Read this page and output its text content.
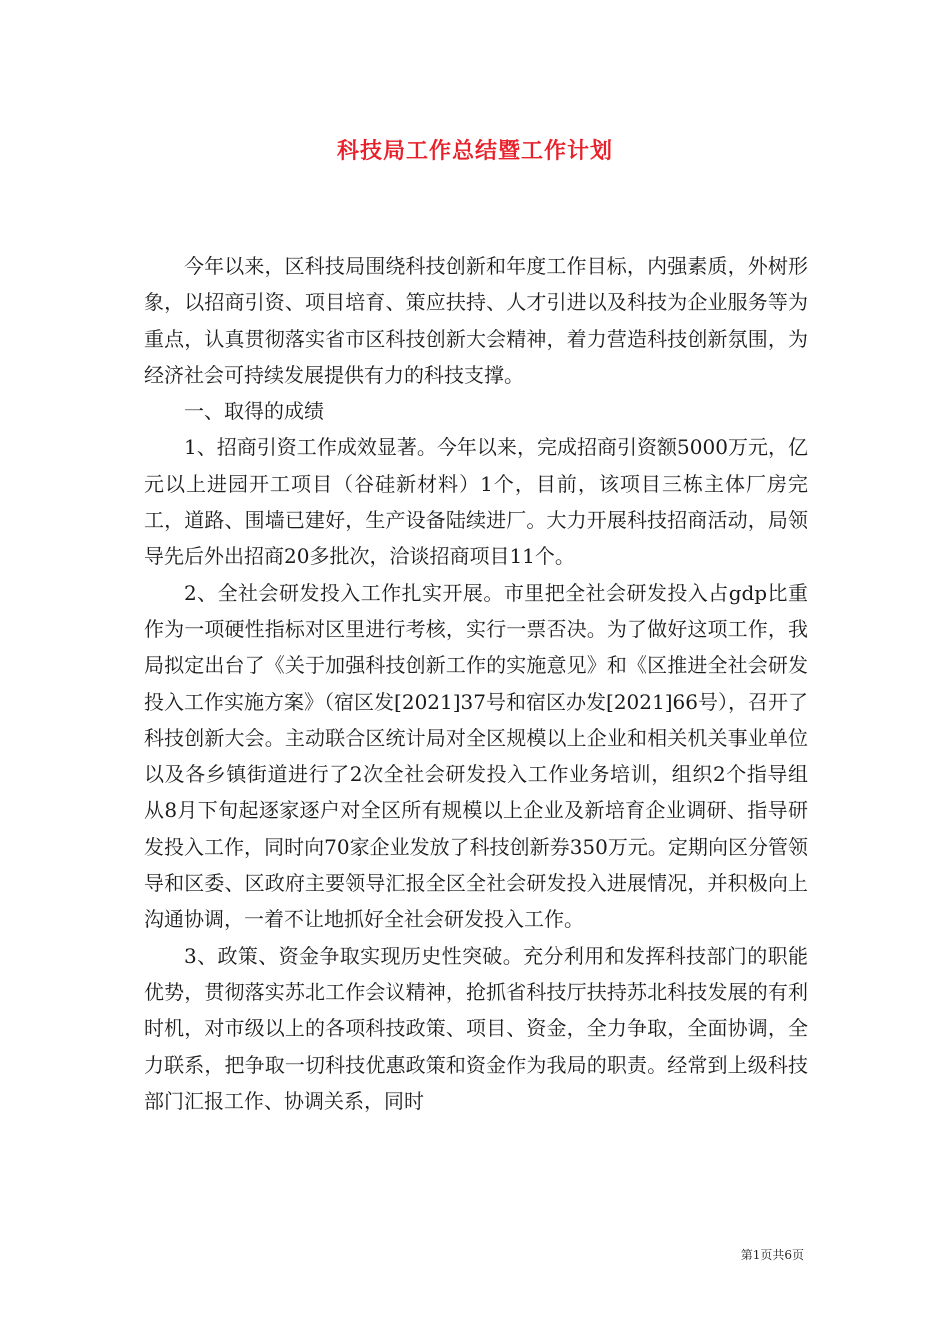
科技局工作总结暨工作计划

今年以来，区科技局围绕科技创新和年度工作目标，内强素质，外树形象，以招商引资、项目培育、策应扶持、人才引进以及科技为企业服务等为重点，认真贯彻落实省市区科技创新大会精神，着力营造科技创新氛围，为经济社会可持续发展提供有力的科技支撑。

一、取得的成绩

1、招商引资工作成效显著。今年以来，完成招商引资额5000万元，亿元以上进园开工项目（谷硅新材料）1个，目前，该项目三栋主体厂房完工，道路、围墙已建好，生产设备陆续进厂。大力开展科技招商活动，局领导先后外出招商20多批次，洽谈招商项目11个。

2、全社会研发投入工作扎实开展。市里把全社会研发投入占gdp比重作为一项硬性指标对区里进行考核，实行一票否决。为了做好这项工作，我局拟定出台了《关于加强科技创新工作的实施意见》和《区推进全社会研发投入工作实施方案》（宿区发[2021]37号和宿区办发[2021]66号），召开了科技创新大会。主动联合区统计局对全区规模以上企业和相关机关事业单位以及各乡镇街道进行了2次全社会研发投入工作业务培训，组织2个指导组从8月下旬起逐家逐户对全区所有规模以上企业及新培育企业调研、指导研发投入工作，同时向70家企业发放了科技创新券350万元。定期向区分管领导和区委、区政府主要领导汇报全区全社会研发投入进展情况，并积极向上沟通协调，一着不让地抓好全社会研发投入工作。

3、政策、资金争取实现历史性突破。充分利用和发挥科技部门的职能优势，贯彻落实苏北工作会议精神，抢抓省科技厅扶持苏北科技发展的有利时机，对市级以上的各项科技政策、项目、资金，全力争取，全面协调，全力联系，把争取一切科技优惠政策和资金作为我局的职责。经常到上级科技部门汇报工作、协调关系，同时

第1页共6页
